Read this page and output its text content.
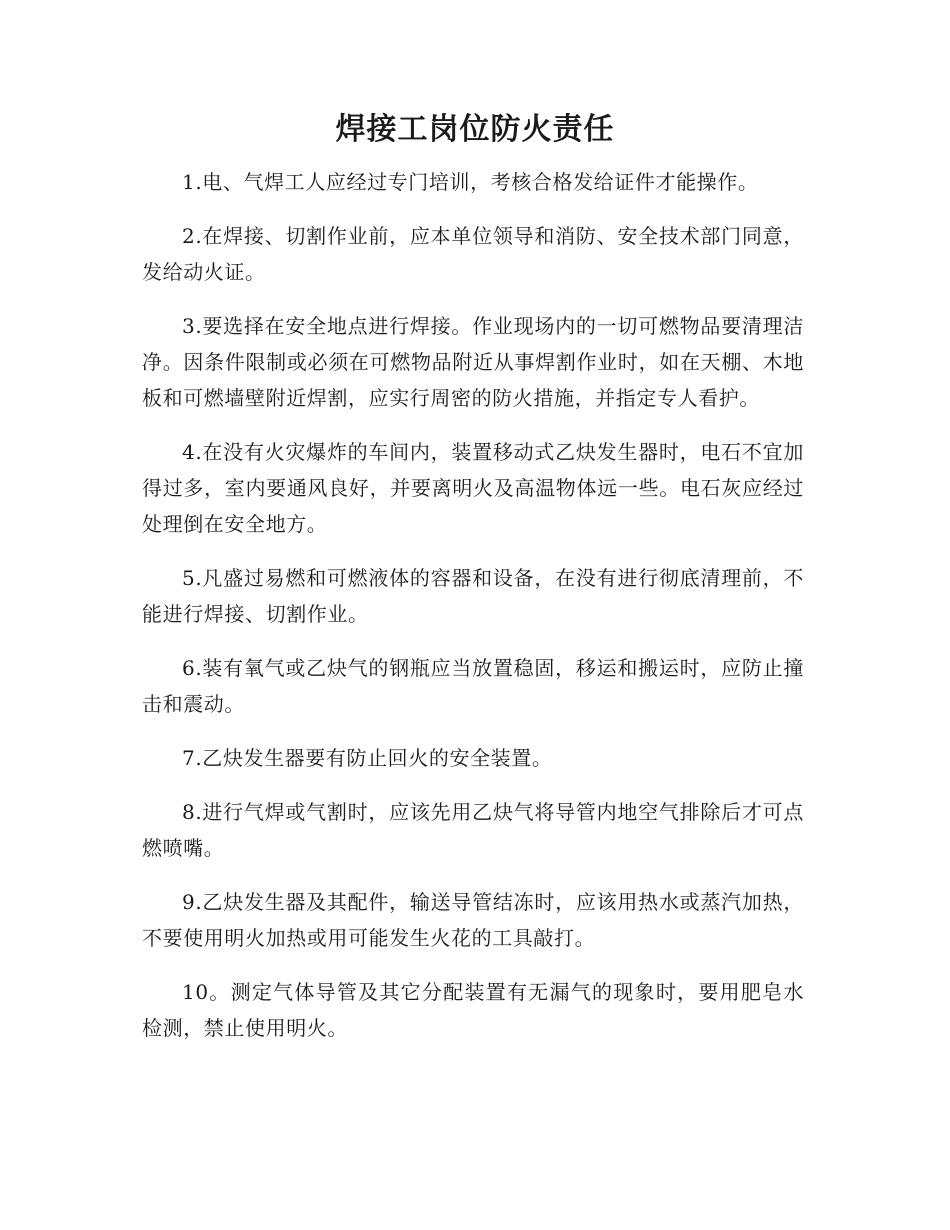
焊接工岗位防火责任

1.电、气焊工人应经过专门培训，考核合格发给证件才能操作。

2.在焊接、切割作业前，应本单位领导和消防、安全技术部门同意，发给动火证。

3.要选择在安全地点进行焊接。作业现场内的一切可燃物品要清理洁净。因条件限制或必须在可燃物品附近从事焊割作业时，如在天棚、木地板和可燃墙壁附近焊割，应实行周密的防火措施，并指定专人看护。

4.在没有火灾爆炸的车间内，装置移动式乙炔发生器时，电石不宜加得过多，室内要通风良好，并要离明火及高温物体远一些。电石灰应经过处理倒在安全地方。

5.凡盛过易燃和可燃液体的容器和设备，在没有进行彻底清理前，不能进行焊接、切割作业。

6.装有氧气或乙炔气的钢瓶应当放置稳固，移运和搬运时，应防止撞击和震动。

7.乙炔发生器要有防止回火的安全装置。

8.进行气焊或气割时，应该先用乙炔气将导管内地空气排除后才可点燃喷嘴。

9.乙炔发生器及其配件，输送导管结冻时，应该用热水或蒸汽加热，不要使用明火加热或用可能发生火花的工具敲打。

10。测定气体导管及其它分配装置有无漏气的现象时，要用肥皂水检测，禁止使用明火。
